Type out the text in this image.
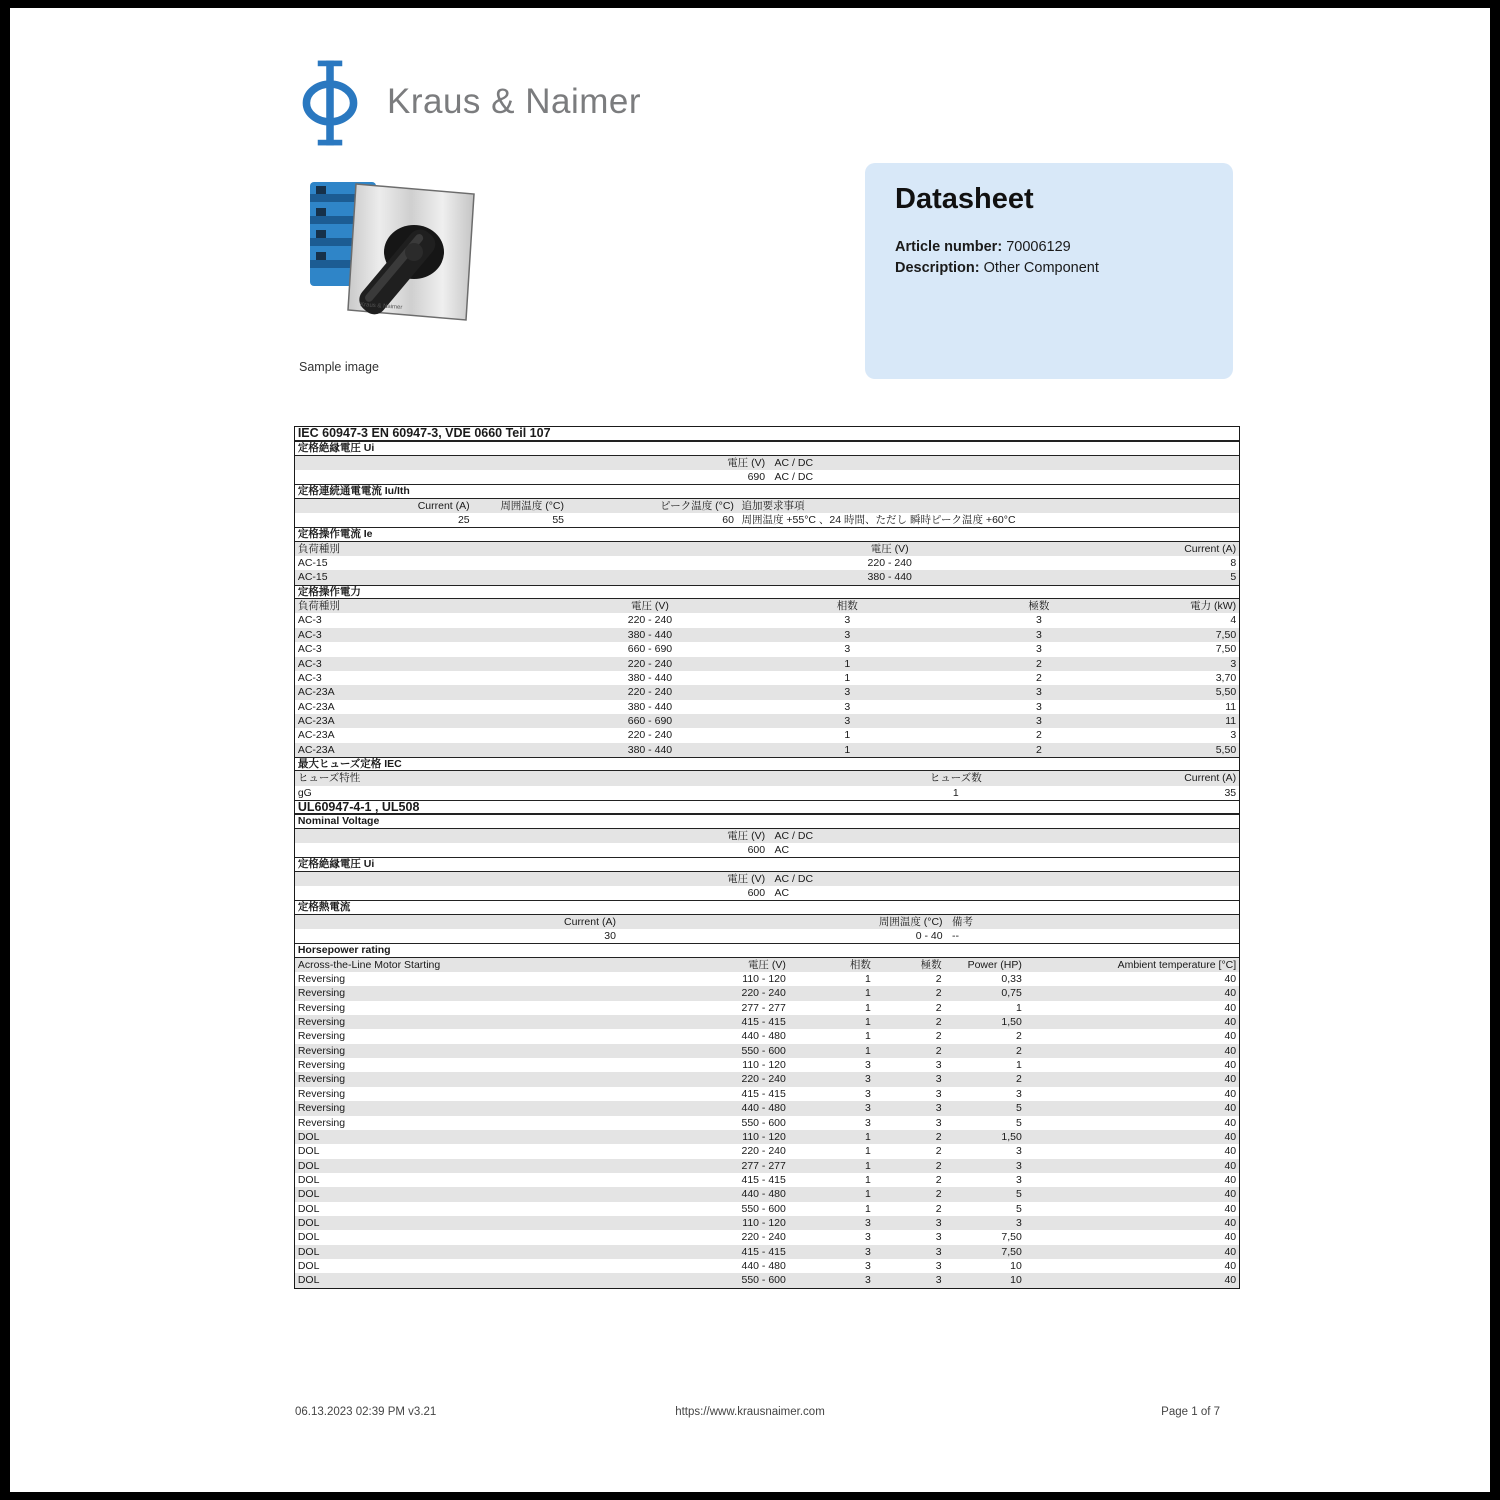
Kraus & Naimer
Kraus & Naimer
Sample image
Datasheet
Article number: 70006129
Description: Other Component
IEC 60947-3 EN 60947-3, VDE 0660 Teil 107
定格絶縁電圧 Ui
電圧 (V) AC / DC
690 AC / DC
定格連続通電電流 Iu/Ith
Current (A)	周囲温度 (°C)	ピーク温度 (°C) 追加要求事項
25	55	60 周囲温度 +55°C 、24 時間、ただし 瞬時ピーク温度 +60°C
定格操作電流 Ie
負荷種別	電圧 (V)	Current (A)
AC-15	220 - 240	8
AC-15	380 - 440	5
定格操作電力
負荷種別	電圧 (V)	相数	極数	電力 (kW)
AC-3	220 - 240	3	3	4
AC-3	380 - 440	3	3	7,50
AC-3	660 - 690	3	3	7,50
AC-3	220 - 240	1	2	3
AC-3	380 - 440	1	2	3,70
AC-23A	220 - 240	3	3	5,50
AC-23A	380 - 440	3	3	11
AC-23A	660 - 690	3	3	11
AC-23A	220 - 240	1	2	3
AC-23A	380 - 440	1	2	5,50
最大ヒューズ定格 IEC
ヒューズ特性	ヒューズ数	Current (A)
gG	1	35
UL60947-4-1 , UL508
Nominal Voltage
電圧 (V) AC / DC
600 AC
定格絶縁電圧 Ui
電圧 (V) AC / DC
600 AC
定格熱電流
Current (A)	周囲温度 (°C) 備考
30	0 - 40 --
Horsepower rating
Across-the-Line Motor Starting	電圧 (V)	相数	極数	Power (HP)	Ambient temperature [°C]
Reversing	110 - 120	1	2	0,33	40
Reversing	220 - 240	1	2	0,75	40
Reversing	277 - 277	1	2	1	40
Reversing	415 - 415	1	2	1,50	40
Reversing	440 - 480	1	2	2	40
Reversing	550 - 600	1	2	2	40
Reversing	110 - 120	3	3	1	40
Reversing	220 - 240	3	3	2	40
Reversing	415 - 415	3	3	3	40
Reversing	440 - 480	3	3	5	40
Reversing	550 - 600	3	3	5	40
DOL	110 - 120	1	2	1,50	40
DOL	220 - 240	1	2	3	40
DOL	277 - 277	1	2	3	40
DOL	415 - 415	1	2	3	40
DOL	440 - 480	1	2	5	40
DOL	550 - 600	1	2	5	40
DOL	110 - 120	3	3	3	40
DOL	220 - 240	3	3	7,50	40
DOL	415 - 415	3	3	7,50	40
DOL	440 - 480	3	3	10	40
DOL	550 - 600	3	3	10	40
06.13.2023 02:39 PM v3.21	https://www.krausnaimer.com	Page 1 of 7
